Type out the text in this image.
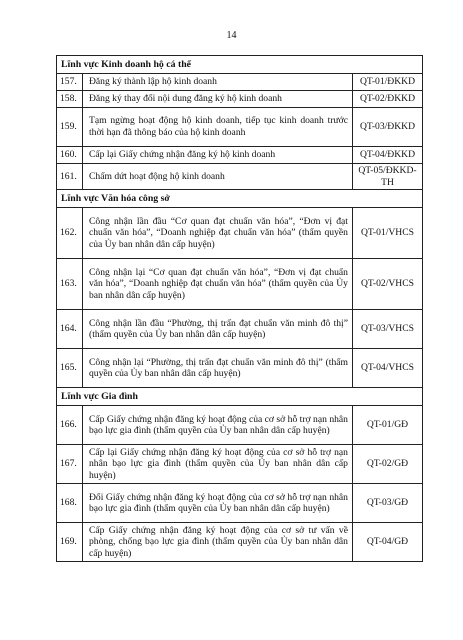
14
Lĩnh vực Kinh doanh hộ cá thể		
157.	Đăng ký thành lập hộ kinh doanh	QT-01/ĐKKD
158.	Đăng ký thay đổi nội dung đăng ký hộ kinh doanh	QT-02/ĐKKD
159.	Tạm ngừng hoạt động hộ kinh doanh, tiếp tục kinh doanh trước thời hạn đã thông báo của hộ kinh doanh	QT-03/ĐKKD
160.	Cấp lại Giấy chứng nhận đăng ký hộ kinh doanh	QT-04/ĐKKD
161.	Chấm dứt hoạt động hộ kinh doanh	QT-05/ĐKKD-TH
Lĩnh vực Văn hóa công sở		
162.	Công nhận lần đầu “Cơ quan đạt chuẩn văn hóa”, “Đơn vị đạt chuẩn văn hóa”, “Doanh nghiệp đạt chuẩn văn hóa” (thẩm quyền của Ủy ban nhân dân cấp huyện)	QT-01/VHCS
163.	Công nhận lại “Cơ quan đạt chuẩn văn hóa”, “Đơn vị đạt chuẩn văn hóa”, “Doanh nghiệp đạt chuẩn văn hóa” (thẩm quyền của Ủy ban nhân dân cấp huyện)	QT-02/VHCS
164.	Công nhận lần đầu “Phường, thị trấn đạt chuẩn văn minh đô thị” (thẩm quyền của Ủy ban nhân dân cấp huyện)	QT-03/VHCS
165.	Công nhận lại “Phường, thị trấn đạt chuẩn văn minh đô thị” (thẩm quyền của Ủy ban nhân dân cấp huyện)	QT-04/VHCS
Lĩnh vực Gia đình		
166.	Cấp Giấy chứng nhận đăng ký hoạt động của cơ sở hỗ trợ nạn nhân bạo lực gia đình (thẩm quyền của Ủy ban nhân dân cấp huyện)	QT-01/GĐ
167.	Cấp lại Giấy chứng nhận đăng ký hoạt động của cơ sở hỗ trợ nạn nhân bạo lực gia đình (thẩm quyền của Ủy ban nhân dân cấp huyện)	QT-02/GĐ
168.	Đổi Giấy chứng nhận đăng ký hoạt động của cơ sở hỗ trợ nạn nhân bạo lực gia đình (thẩm quyền của Ủy ban nhân dân cấp huyện)	QT-03/GĐ
169.	Cấp Giấy chứng nhận đăng ký hoạt động của cơ sở tư vấn về phòng, chống bạo lực gia đình (thẩm quyền của Ủy ban nhân dân cấp huyện)	QT-04/GĐ
